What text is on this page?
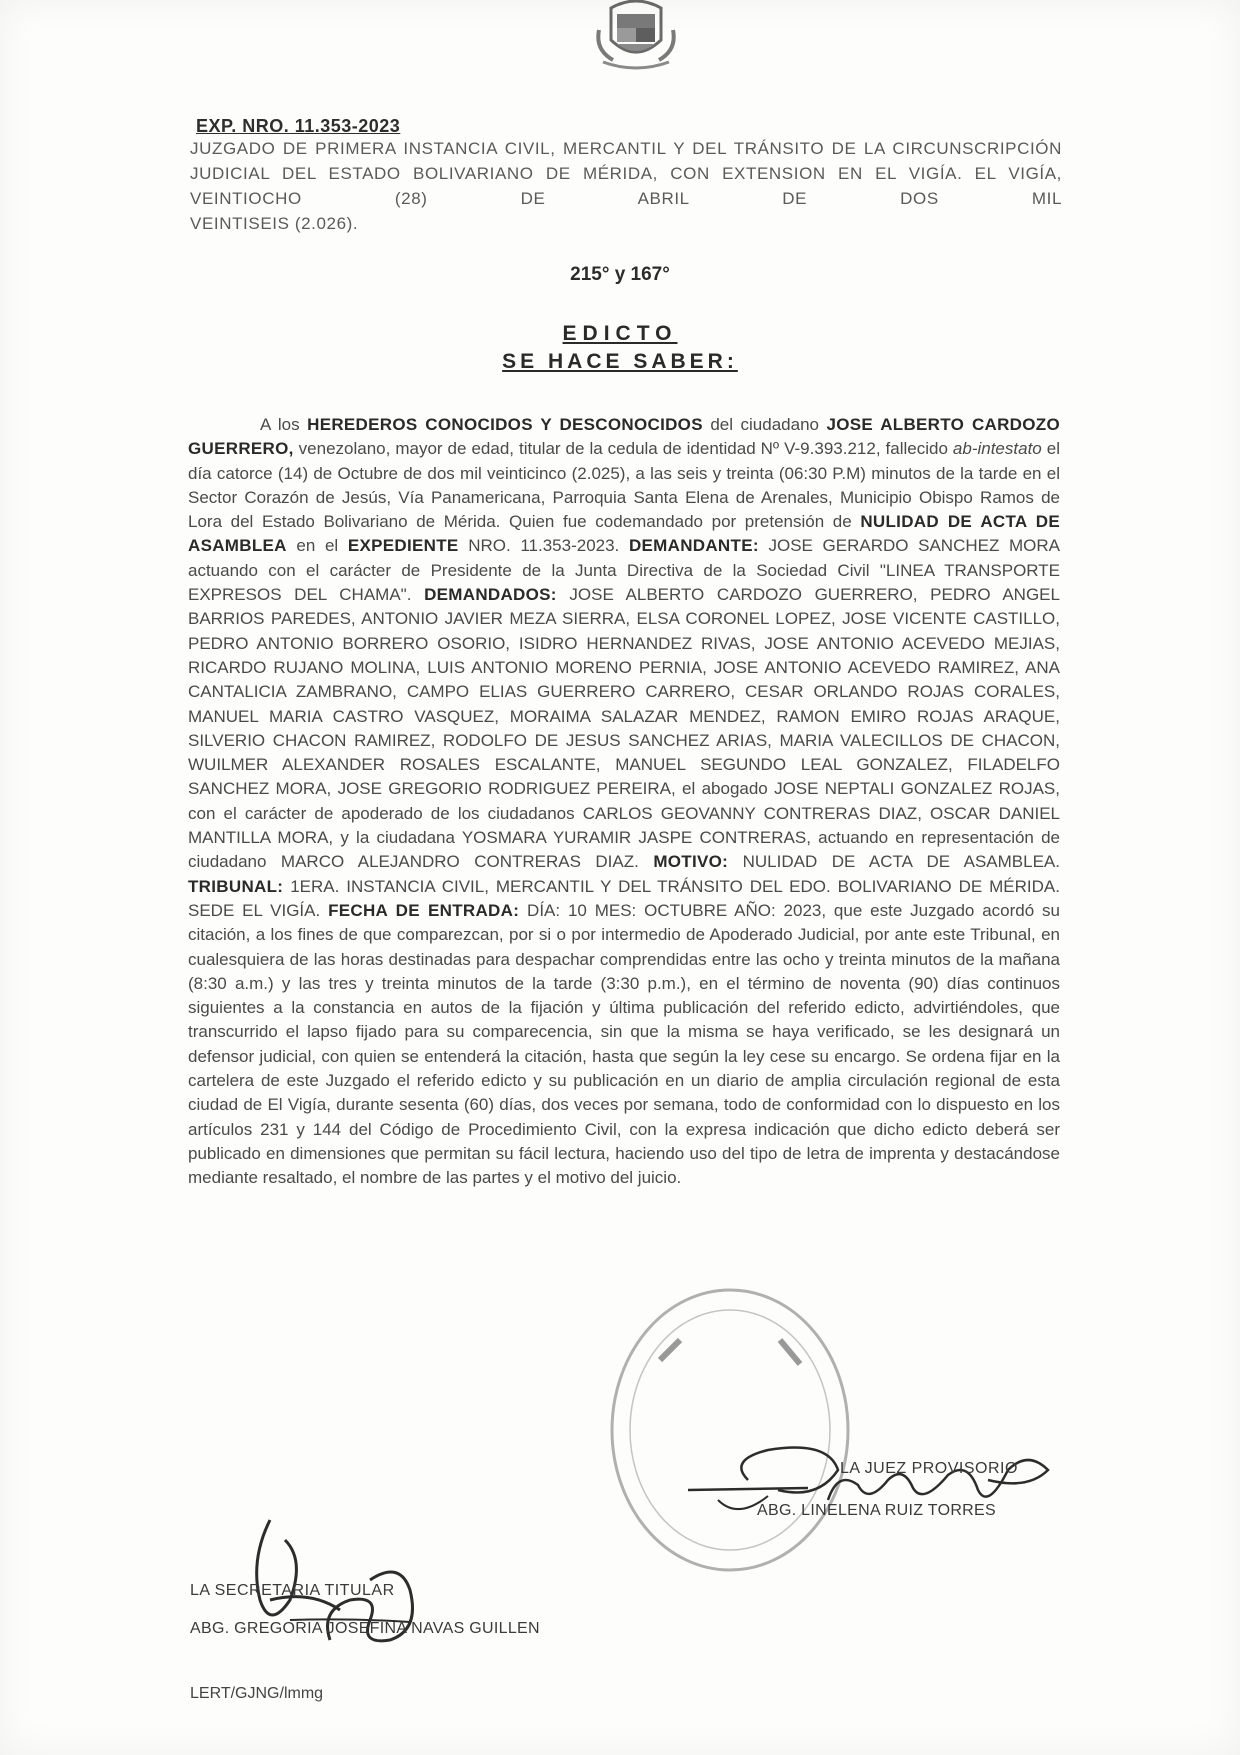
EXP. NRO. 11.353-2023
JUZGADO DE PRIMERA INSTANCIA CIVIL, MERCANTIL Y DEL TRÁNSITO DE LA CIRCUNSCRIPCIÓN JUDICIAL DEL ESTADO BOLIVARIANO DE MÉRIDA, CON EXTENSION EN EL VIGÍA. EL VIGÍA, VEINTIOCHO (28) DE ABRIL DE DOS MIL
VEINTISEIS (2.026).
215° y 167°
EDICTO
SE HACE SABER:
A los HEREDEROS CONOCIDOS Y DESCONOCIDOS del ciudadano JOSE ALBERTO CARDOZO GUERRERO, venezolano, mayor de edad, titular de la cedula de identidad Nº V-9.393.212, fallecido ab-intestato el día catorce (14) de Octubre de dos mil veinticinco (2.025), a las seis y treinta (06:30 P.M) minutos de la tarde en el Sector Corazón de Jesús, Vía Panamericana, Parroquia Santa Elena de Arenales, Municipio Obispo Ramos de Lora del Estado Bolivariano de Mérida. Quien fue codemandado por pretensión de NULIDAD DE ACTA DE ASAMBLEA en el EXPEDIENTE NRO. 11.353-2023. DEMANDANTE: JOSE GERARDO SANCHEZ MORA actuando con el carácter de Presidente de la Junta Directiva de la Sociedad Civil "LINEA TRANSPORTE EXPRESOS DEL CHAMA". DEMANDADOS: JOSE ALBERTO CARDOZO GUERRERO, PEDRO ANGEL BARRIOS PAREDES, ANTONIO JAVIER MEZA SIERRA, ELSA CORONEL LOPEZ, JOSE VICENTE CASTILLO, PEDRO ANTONIO BORRERO OSORIO, ISIDRO HERNANDEZ RIVAS, JOSE ANTONIO ACEVEDO MEJIAS, RICARDO RUJANO MOLINA, LUIS ANTONIO MORENO PERNIA, JOSE ANTONIO ACEVEDO RAMIREZ, ANA CANTALICIA ZAMBRANO, CAMPO ELIAS GUERRERO CARRERO, CESAR ORLANDO ROJAS CORALES, MANUEL MARIA CASTRO VASQUEZ, MORAIMA SALAZAR MENDEZ, RAMON EMIRO ROJAS ARAQUE, SILVERIO CHACON RAMIREZ, RODOLFO DE JESUS SANCHEZ ARIAS, MARIA VALECILLOS DE CHACON, WUILMER ALEXANDER ROSALES ESCALANTE, MANUEL SEGUNDO LEAL GONZALEZ, FILADELFO SANCHEZ MORA, JOSE GREGORIO RODRIGUEZ PEREIRA, el abogado JOSE NEPTALI GONZALEZ ROJAS, con el carácter de apoderado de los ciudadanos CARLOS GEOVANNY CONTRERAS DIAZ, OSCAR DANIEL MANTILLA MORA, y la ciudadana YOSMARA YURAMIR JASPE CONTRERAS, actuando en representación de ciudadano MARCO ALEJANDRO CONTRERAS DIAZ. MOTIVO: NULIDAD DE ACTA DE ASAMBLEA. TRIBUNAL: 1ERA. INSTANCIA CIVIL, MERCANTIL Y DEL TRÁNSITO DEL EDO. BOLIVARIANO DE MÉRIDA. SEDE EL VIGÍA. FECHA DE ENTRADA: DÍA: 10 MES: OCTUBRE AÑO: 2023, que este Juzgado acordó su citación, a los fines de que comparezcan, por si o por intermedio de Apoderado Judicial, por ante este Tribunal, en cualesquiera de las horas destinadas para despachar comprendidas entre las ocho y treinta minutos de la mañana (8:30 a.m.) y las tres y treinta minutos de la tarde (3:30 p.m.), en el término de noventa (90) días continuos siguientes a la constancia en autos de la fijación y última publicación del referido edicto, advirtiéndoles, que transcurrido el lapso fijado para su comparecencia, sin que la misma se haya verificado, se les designará un defensor judicial, con quien se entenderá la citación, hasta que según la ley cese su encargo. Se ordena fijar en la cartelera de este Juzgado el referido edicto y su publicación en un diario de amplia circulación regional de esta ciudad de El Vigía, durante sesenta (60) días, dos veces por semana, todo de conformidad con lo dispuesto en los artículos 231 y 144 del Código de Procedimiento Civil, con la expresa indicación que dicho edicto deberá ser publicado en dimensiones que permitan su fácil lectura, haciendo uso del tipo de letra de imprenta y destacándose mediante resaltado, el nombre de las partes y el motivo del juicio.
LA JUEZ PROVISORIO
ABG. LINELENA RUIZ TORRES
LA SECRETARIA TITULAR
ABG. GREGORIA JOSEFINA NAVAS GUILLEN
LERT/GJNG/lmmg
